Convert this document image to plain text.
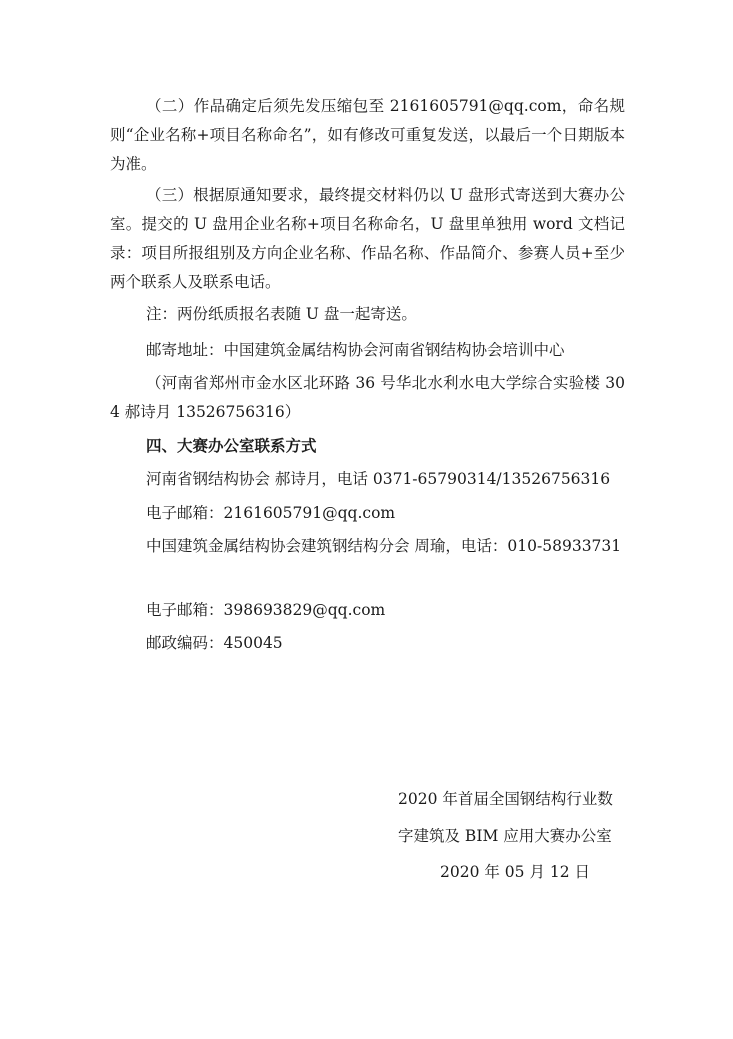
（二）作品确定后须先发压缩包至 2161605791@qq.com，命名规则“企业名称+项目名称命名”，如有修改可重复发送，以最后一个日期版本为准。

（三）根据原通知要求，最终提交材料仍以 U 盘形式寄送到大赛办公室。提交的 U 盘用企业名称+项目名称命名，U 盘里单独用 word 文档记录：项目所报组别及方向企业名称、作品名称、作品简介、参赛人员+至少两个联系人及联系电话。

注：两份纸质报名表随 U 盘一起寄送。

邮寄地址：中国建筑金属结构协会河南省钢结构协会培训中心

（河南省郑州市金水区北环路 36 号华北水利水电大学综合实验楼 304 郝诗月 13526756316）

四、大赛办公室联系方式

河南省钢结构协会 郝诗月，电话 0371-65790314/13526756316

电子邮箱：2161605791@qq.com

中国建筑金属结构协会建筑钢结构分会 周瑜，电话：010-58933731

电子邮箱：398693829@qq.com

邮政编码：450045

2020 年首届全国钢结构行业数

字建筑及 BIM 应用大赛办公室

2020 年 05 月 12 日
